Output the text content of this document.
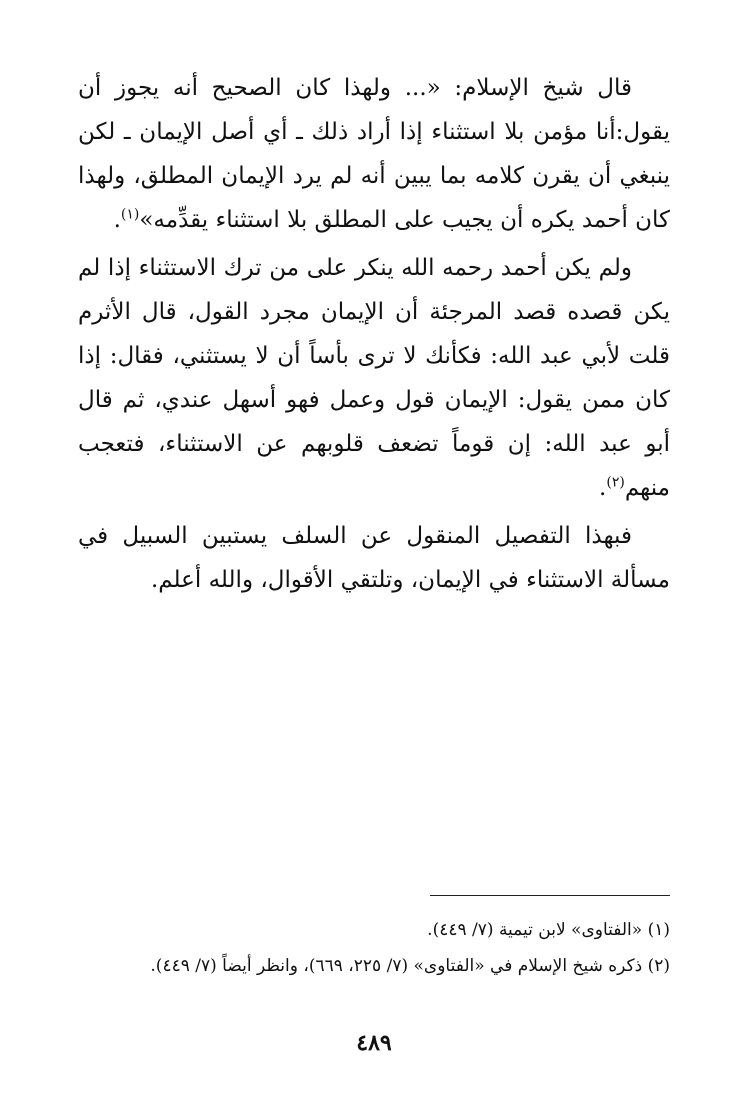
قال شيخ الإسلام: «... ولهذا كان الصحيح أنه يجوز أن يقول:أنا مؤمن بلا استثناء إذا أراد ذلك ـ أي أصل الإيمان ـ لكن ينبغي أن يقرن كلامه بما يبين أنه لم يرد الإيمان المطلق، ولهذا كان أحمد يكره أن يجيب على المطلق بلا استثناء يقدِّمه»$^{(١)}$.

ولم يكن أحمد رحمه الله ينكر على من ترك الاستثناء إذا لم يكن قصده قصد المرجئة أن الإيمان مجرد القول، قال الأثرم قلت لأبي عبد الله: فكأنك لا ترى بأساً أن لا يستثني، فقال: إذا كان ممن يقول: الإيمان قول وعمل فهو أسهل عندي، ثم قال أبو عبد الله: إن قوماً تضعف قلوبهم عن الاستثناء، فتعجب منهم$^{(٢)}$.

فبهذا التفصيل المنقول عن السلف يستبين السبيل في مسألة الاستثناء في الإيمان، وتلتقي الأقوال، والله أعلم.

(١) «الفتاوى» لابن تيمية (٧/ ٤٤٩).

(٢) ذكره شيخ الإسلام في «الفتاوى» (٧/ ٢٢٥، ٦٦٩)، وانظر أيضاً (٧/ ٤٤٩).

٤٨٩
